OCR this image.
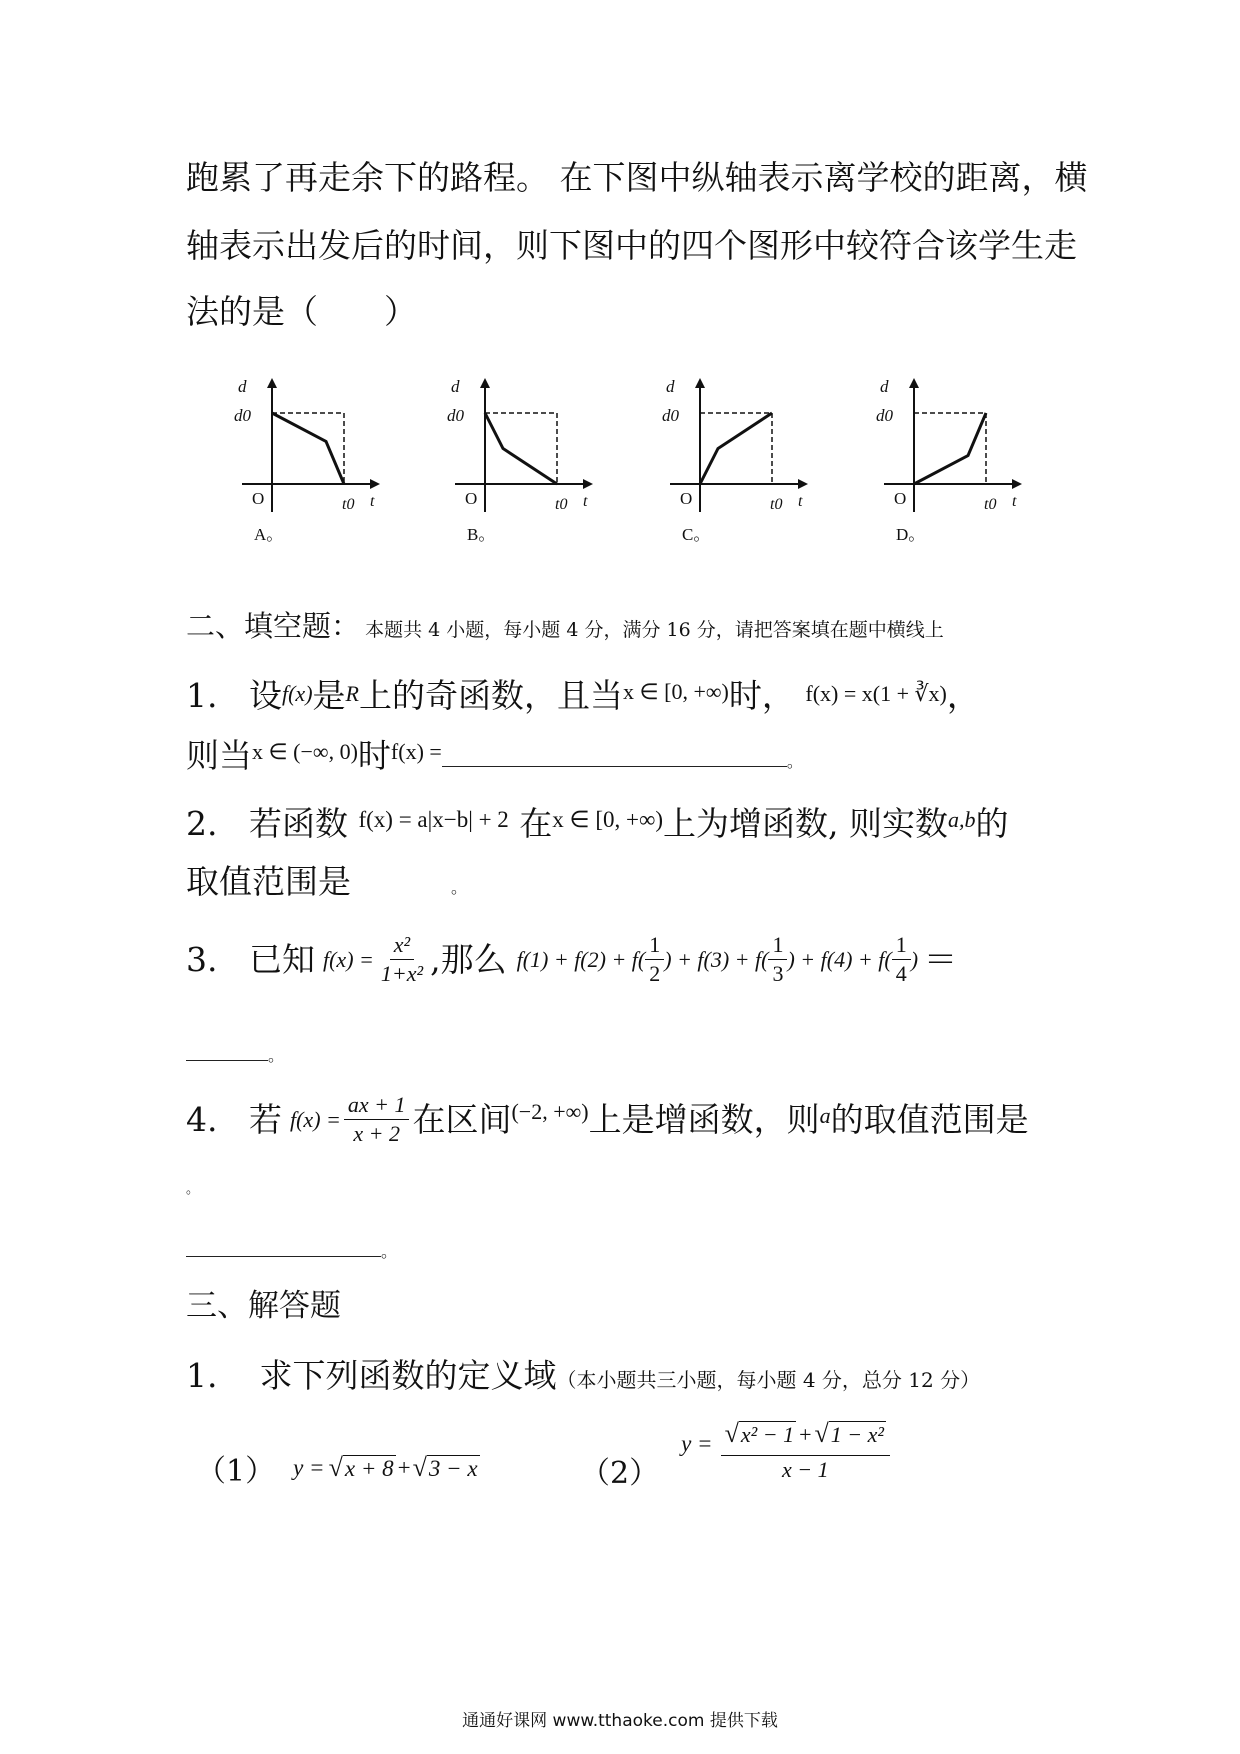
跑累了再走余下的路程。 在下图中纵轴表示离学校的距离，横
轴表示出发后的时间，则下图中的四个图形中较符合该学生走
法的是（　　）
d
d0
O	t0 t
A。
d
d0
O	t0 t
B。
d
d0
O	t0 t
C。
d
d0
O	t0 t
D。
二、填空题： 本题共 4 小题，每小题 4 分，满分 16 分，请把答案填在题中横线上
1. 设f(x)是R上的奇函数，且当$^{x \in [0, +\infty)}$时， f(x) = x(1 + ∛x)，
则当$^{x \in (-\infty, 0)}$时$^{f(x) =}$	。
2. 若函数 $^{f(x) = a|x-b| + 2}$ 在$^{x \in [0, +\infty)}$上为增函数, 则实数$^{a,b}$的
取值范围是	。
3.
已知 $f(x) = \frac{\text{x²}}{\text{1+x²}}$ ,那么 $f(1) + f(2) + f( \frac{1}{2}$ ) + $f(3) + f( \frac{1}{3}$ ) + $f(4) + f( \frac{1}{4}$ ) ＝
。
4.
若 $f(x) = \frac{ax + 1}{x + 2}$ 在区间 (−2, +∞) 上是增函数，则 a 的取值范围是
。
。
三、解答题
1. 求下列函数的定义域（本小题共三小题，每小题 4 分，总分 12 分）
（1） y = √ x + 8 + √ 3 − x	（2）
$y = \frac{\text{√x² − 1 + √1 − x²}}{x - 1}$
通通好课网 www.tthaoke.com 提供下载
